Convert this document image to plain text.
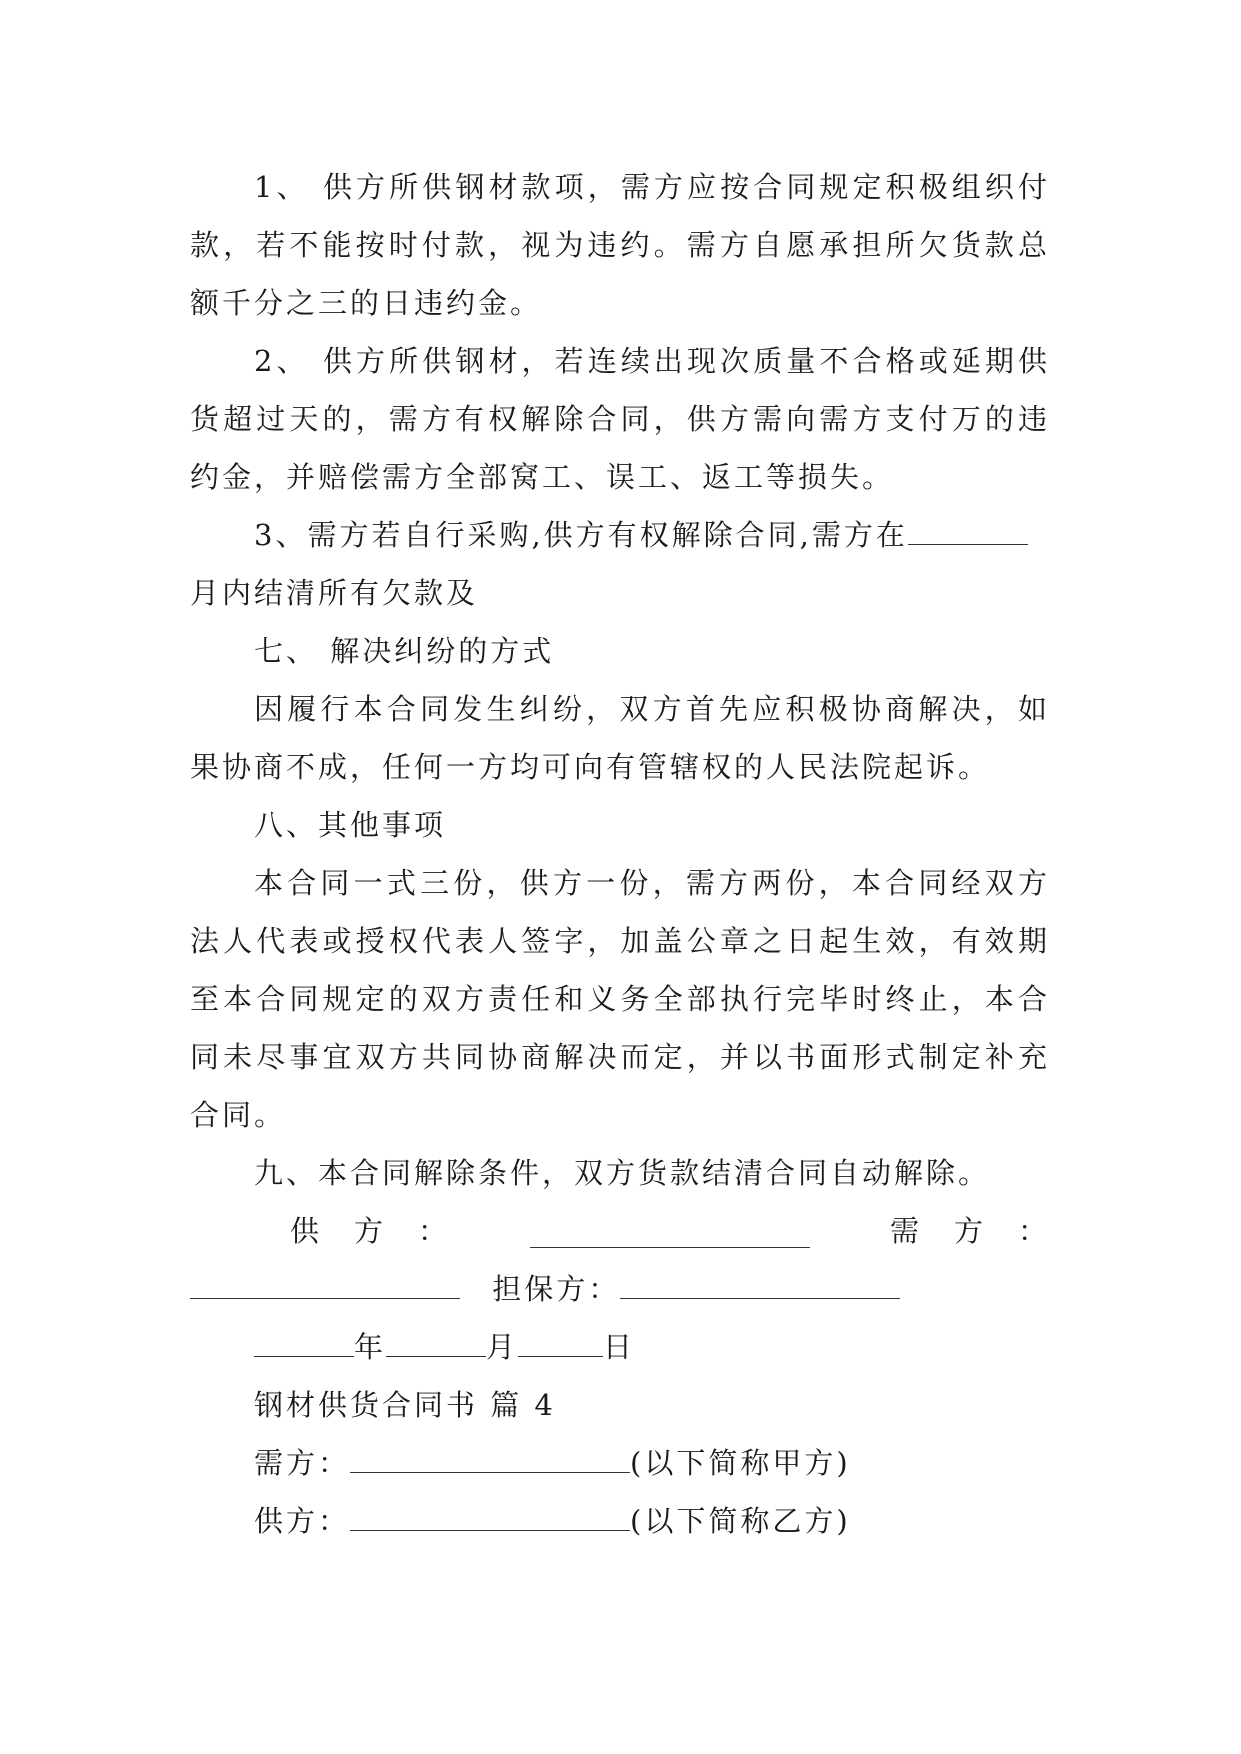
1、 供方所供钢材款项，需方应按合同规定积极组织付款，若不能按时付款，视为违约。需方自愿承担所欠货款总额千分之三的日违约金。

2、 供方所供钢材，若连续出现次质量不合格或延期供货超过天的，需方有权解除合同，供方需向需方支付万的违约金，并赔偿需方全部窝工、误工、返工等损失。

3、需方若自行采购,供方有权解除合同,需方在
月内结清所有欠款及
七、 解决纠纷的方式

因履行本合同发生纠纷，双方首先应积极协商解决，如果协商不成，任何一方均可向有管辖权的人民法院起诉。

八、其他事项

本合同一式三份，供方一份，需方两份，本合同经双方法人代表或授权代表人签字，加盖公章之日起生效，有效期至本合同规定的双方责任和义务全部执行完毕时终止，本合同未尽事宜双方共同协商解决而定，并以书面形式制定补充合同。

九、本合同解除条件，双方货款结清合同自动解除。
供　方　：	需　方　：
担保方：
年	月	日
钢材供货合同书 篇 4
需方：	(以下简称甲方)
供方：	(以下简称乙方)
